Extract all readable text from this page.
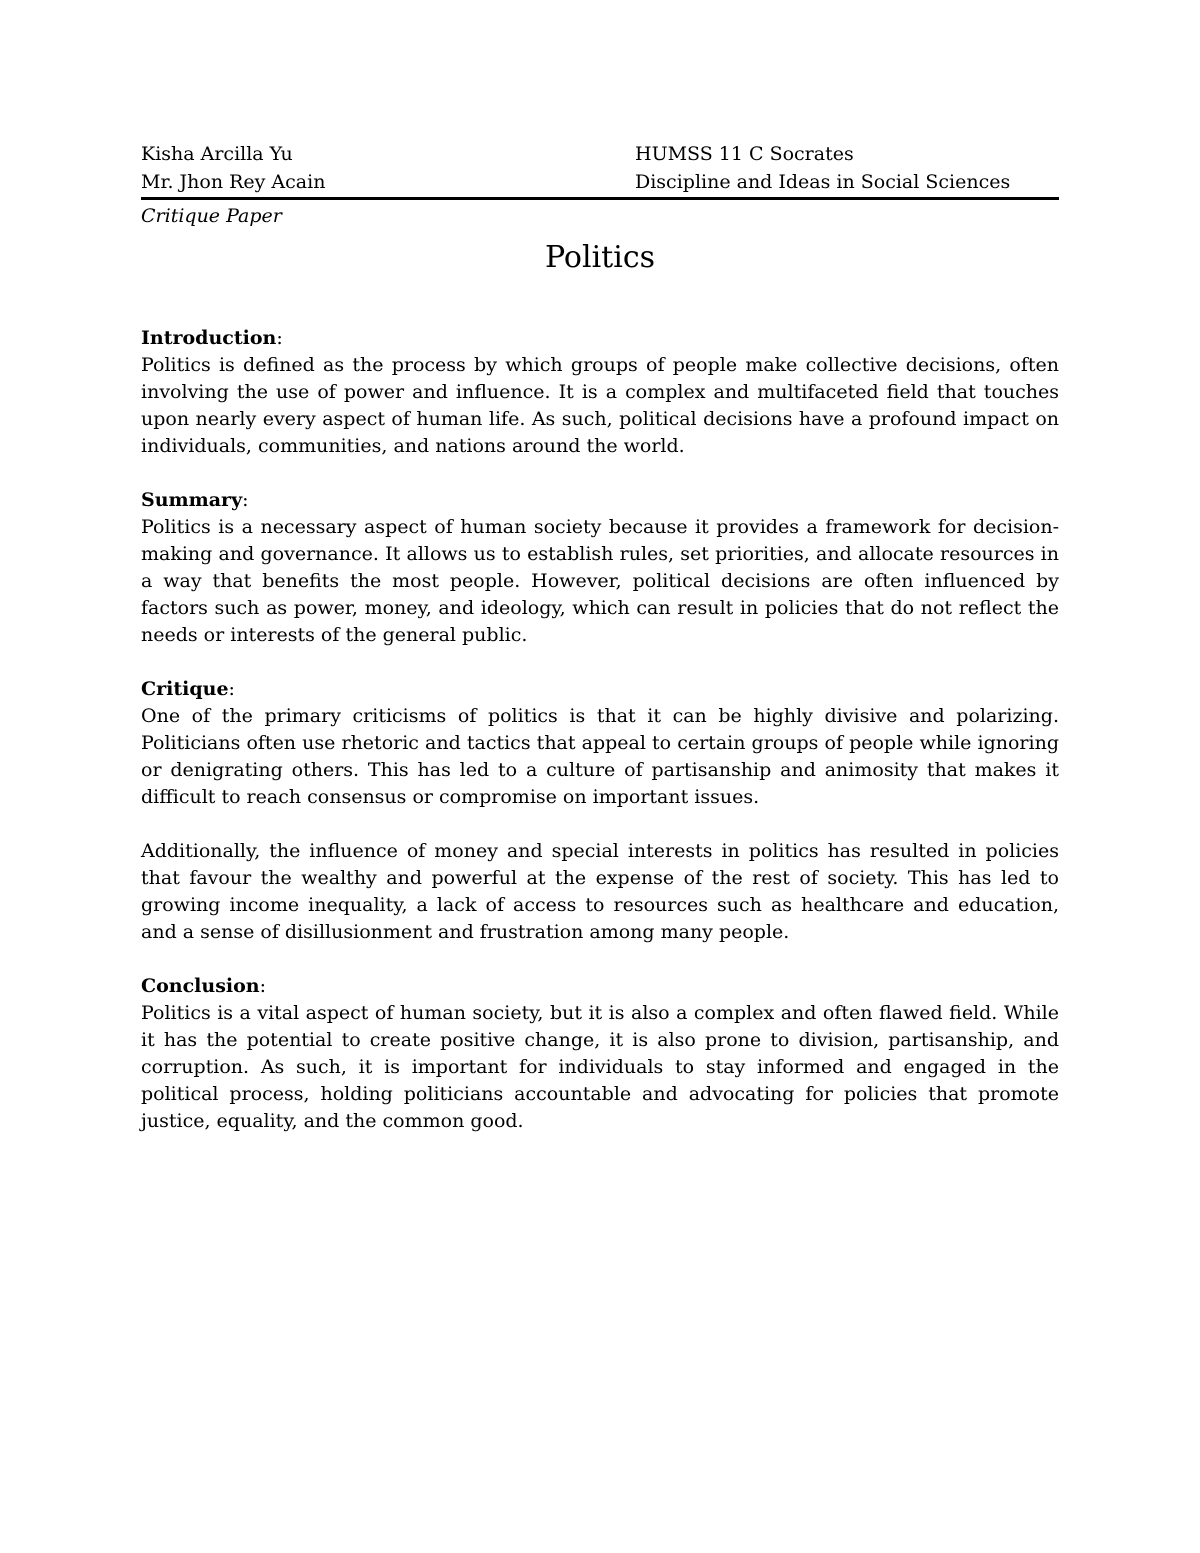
Kisha Arcilla Yu	HUMSS 11 C Socrates
Mr. Jhon Rey Acain	Discipline and Ideas in Social Sciences
Critique Paper
Politics
Introduction:

Politics is defined as the process by which groups of people make collective decisions, often involving the use of power and influence. It is a complex and multifaceted field that touches upon nearly every aspect of human life. As such, political decisions have a profound impact on individuals, communities, and nations around the world.

Summary:

Politics is a necessary aspect of human society because it provides a framework for decision-making and governance. It allows us to establish rules, set priorities, and allocate resources in a way that benefits the most people. However, political decisions are often influenced by factors such as power, money, and ideology, which can result in policies that do not reflect the needs or interests of the general public.

Critique:

One of the primary criticisms of politics is that it can be highly divisive and polarizing. Politicians often use rhetoric and tactics that appeal to certain groups of people while ignoring or denigrating others. This has led to a culture of partisanship and animosity that makes it difficult to reach consensus or compromise on important issues.

Additionally, the influence of money and special interests in politics has resulted in policies that favour the wealthy and powerful at the expense of the rest of society. This has led to growing income inequality, a lack of access to resources such as healthcare and education, and a sense of disillusionment and frustration among many people.

Conclusion:

Politics is a vital aspect of human society, but it is also a complex and often flawed field. While it has the potential to create positive change, it is also prone to division, partisanship, and corruption. As such, it is important for individuals to stay informed and engaged in the political process, holding politicians accountable and advocating for policies that promote justice, equality, and the common good.
